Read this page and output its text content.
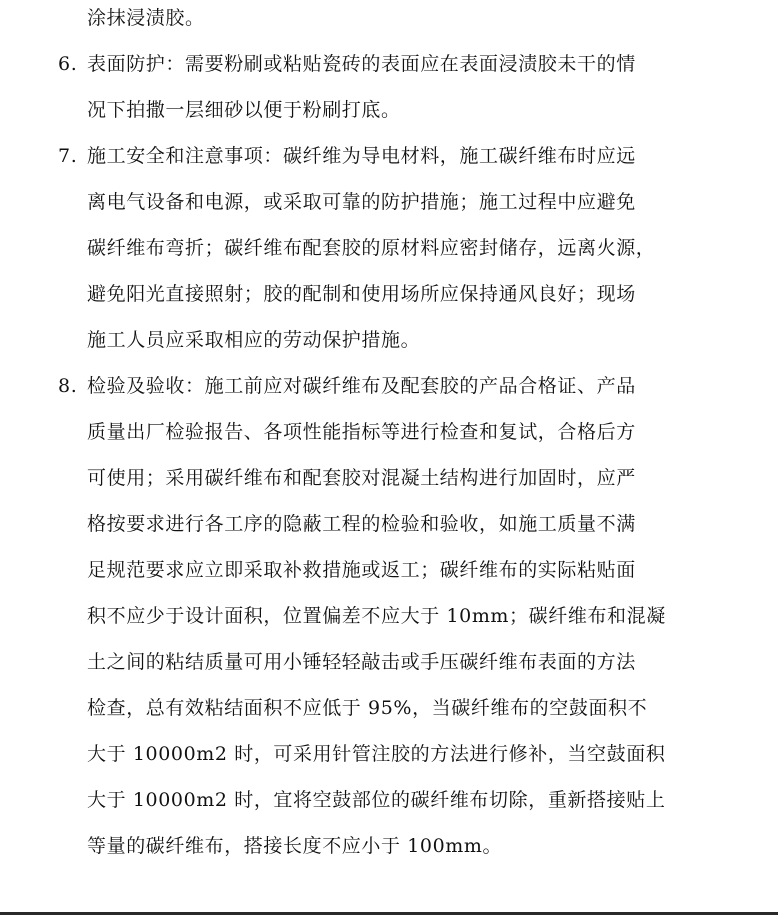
涂抹浸渍胶。
6. 表面防护：需要粉刷或粘贴瓷砖的表面应在表面浸渍胶未干的情
况下拍撒一层细砂以便于粉刷打底。
7. 施工安全和注意事项：碳纤维为导电材料，施工碳纤维布时应远
离电气设备和电源，或采取可靠的防护措施；施工过程中应避免
碳纤维布弯折；碳纤维布配套胶的原材料应密封储存，远离火源，
避免阳光直接照射；胶的配制和使用场所应保持通风良好；现场
施工人员应采取相应的劳动保护措施。
8. 检验及验收：施工前应对碳纤维布及配套胶的产品合格证、产品
质量出厂检验报告、各项性能指标等进行检查和复试，合格后方
可使用；采用碳纤维布和配套胶对混凝土结构进行加固时，应严
格按要求进行各工序的隐蔽工程的检验和验收，如施工质量不满
足规范要求应立即采取补救措施或返工；碳纤维布的实际粘贴面
积不应少于设计面积，位置偏差不应大于 10mm；碳纤维布和混凝
土之间的粘结质量可用小锤轻轻敲击或手压碳纤维布表面的方法
检查，总有效粘结面积不应低于 95%，当碳纤维布的空鼓面积不
大于 10000m2 时，可采用针管注胶的方法进行修补，当空鼓面积
大于 10000m2 时，宜将空鼓部位的碳纤维布切除，重新搭接贴上
等量的碳纤维布，搭接长度不应小于 100mm。
